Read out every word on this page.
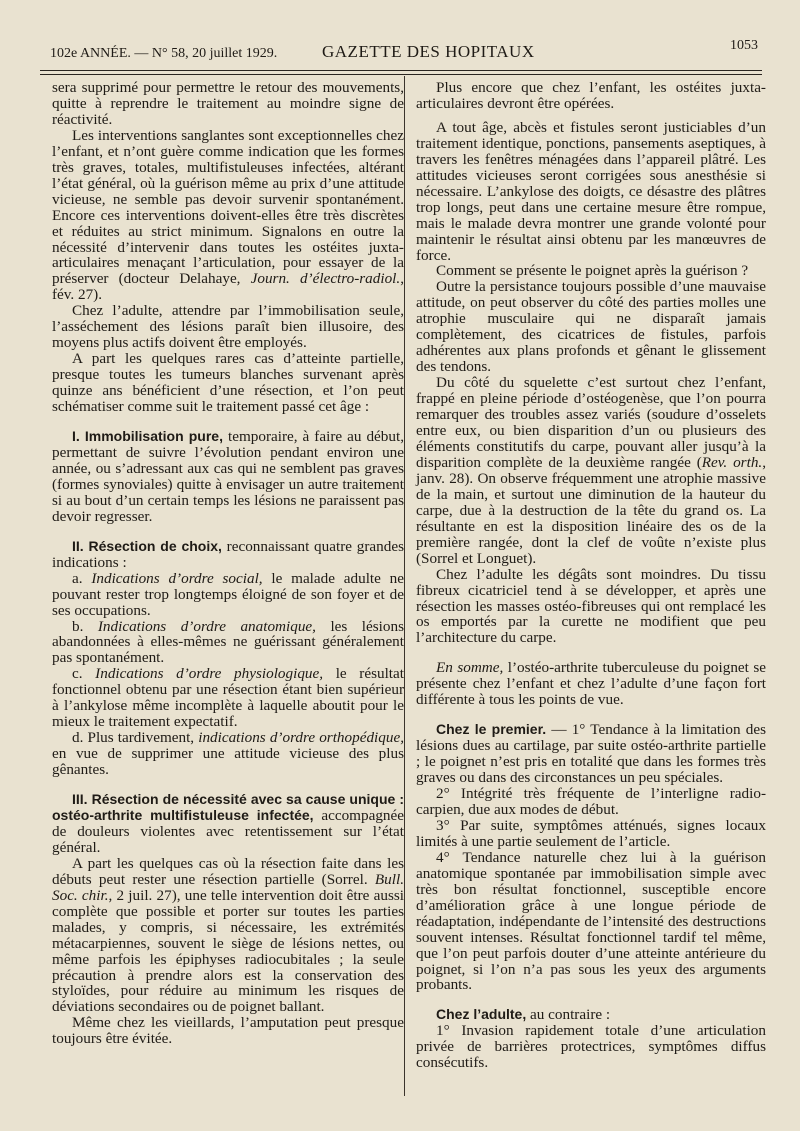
102e ANNÉE. — N° 58, 20 juillet 1929.	GAZETTE DES HOPITAUX	1053

sera supprimé pour permettre le retour des mouvements, quitte à reprendre le traitement au moindre signe de réactivité.

Les interventions sanglantes sont exceptionnelles chez l’enfant, et n’ont guère comme indication que les formes très graves, totales, multifistuleuses infectées, altérant l’état général, où la guérison même au prix d’une attitude vicieuse, ne semble pas devoir survenir spontanément. Encore ces interventions doivent-elles être très discrètes et réduites au strict minimum. Signalons en outre la nécessité d’intervenir dans toutes les ostéites juxta-articulaires menaçant l’articulation, pour essayer de la préserver (docteur Delahaye, Journ. d’électro-radiol., fév. 27).

Chez l’adulte, attendre par l’immobilisation seule, l’asséchement des lésions paraît bien illusoire, des moyens plus actifs doivent être employés.

A part les quelques rares cas d’atteinte partielle, presque toutes les tumeurs blanches survenant après quinze ans bénéficient d’une résection, et l’on peut schématiser comme suit le traitement passé cet âge :

I. Immobilisation pure, temporaire, à faire au début, permettant de suivre l’évolution pendant environ une année, ou s’adressant aux cas qui ne semblent pas graves (formes synoviales) quitte à envisager un autre traitement si au bout d’un certain temps les lésions ne paraissent pas devoir regresser.

II. Résection de choix, reconnaissant quatre grandes indications :

a. Indications d’ordre social, le malade adulte ne pouvant rester trop longtemps éloigné de son foyer et de ses occupations.

b. Indications d’ordre anatomique, les lésions abandonnées à elles-mêmes ne guérissant généralement pas spontanément.

c. Indications d’ordre physiologique, le résultat fonctionnel obtenu par une résection étant bien supérieur à l’ankylose même incomplète à laquelle aboutit pour le mieux le traitement expectatif.

d. Plus tardivement, indications d’ordre orthopédique, en vue de supprimer une attitude vicieuse des plus gênantes.

III. Résection de nécessité avec sa cause unique : ostéo-arthrite multifistuleuse infectée, accompagnée de douleurs violentes avec retentissement sur l’état général.

A part les quelques cas où la résection faite dans les débuts peut rester une résection partielle (Sorrel. Bull. Soc. chir., 2 juil. 27), une telle intervention doit être aussi complète que possible et porter sur toutes les parties malades, y compris, si nécessaire, les extrémités métacarpiennes, souvent le siège de lésions nettes, ou même parfois les épiphyses radiocubitales ; la seule précaution à prendre alors est la conservation des styloïdes, pour réduire au minimum les risques de déviations secondaires ou de poignet ballant.

Même chez les vieillards, l’amputation peut presque toujours être évitée.

Plus encore que chez l’enfant, les ostéites juxta-articulaires devront être opérées.

A tout âge, abcès et fistules seront justiciables d’un traitement identique, ponctions, pansements aseptiques, à travers les fenêtres ménagées dans l’appareil plâtré. Les attitudes vicieuses seront corrigées sous anesthésie si nécessaire. L’ankylose des doigts, ce désastre des plâtres trop longs, peut dans une certaine mesure être rompue, mais le malade devra montrer une grande volonté pour maintenir le résultat ainsi obtenu par les manœuvres de force.

Comment se présente le poignet après la guérison ?

Outre la persistance toujours possible d’une mauvaise attitude, on peut observer du côté des parties molles une atrophie musculaire qui ne disparaît jamais complètement, des cicatrices de fistules, parfois adhérentes aux plans profonds et gênant le glissement des tendons.

Du côté du squelette c’est surtout chez l’enfant, frappé en pleine période d’ostéogenèse, que l’on pourra remarquer des troubles assez variés (soudure d’osselets entre eux, ou bien disparition d’un ou plusieurs des éléments constitutifs du carpe, pouvant aller jusqu’à la disparition complète de la deuxième rangée (Rev. orth., janv. 28). On observe fréquemment une atrophie massive de la main, et surtout une diminution de la hauteur du carpe, due à la destruction de la tête du grand os. La résultante en est la disposition linéaire des os de la première rangée, dont la clef de voûte n’existe plus (Sorrel et Longuet).

Chez l’adulte les dégâts sont moindres. Du tissu fibreux cicatriciel tend à se développer, et après une résection les masses ostéo-fibreuses qui ont remplacé les os emportés par la curette ne modifient que peu l’architecture du carpe.

En somme, l’ostéo-arthrite tuberculeuse du poignet se présente chez l’enfant et chez l’adulte d’une façon fort différente à tous les points de vue.

Chez le premier. — 1° Tendance à la limitation des lésions dues au cartilage, par suite ostéo-arthrite partielle ; le poignet n’est pris en totalité que dans les formes très graves ou dans des circonstances un peu spéciales.

2° Intégrité très fréquente de l’interligne radio-carpien, due aux modes de début.

3° Par suite, symptômes atténués, signes locaux limités à une partie seulement de l’article.

4° Tendance naturelle chez lui à la guérison anatomique spontanée par immobilisation simple avec très bon résultat fonctionnel, susceptible encore d’amélioration grâce à une longue période de réadaptation, indépendante de l’intensité des destructions souvent intenses. Résultat fonctionnel tardif tel même, que l’on peut parfois douter d’une atteinte antérieure du poignet, si l’on n’a pas sous les yeux des arguments probants.

Chez l’adulte, au contraire :

1° Invasion rapidement totale d’une articulation privée de barrières protectrices, symptômes diffus consécutifs.
